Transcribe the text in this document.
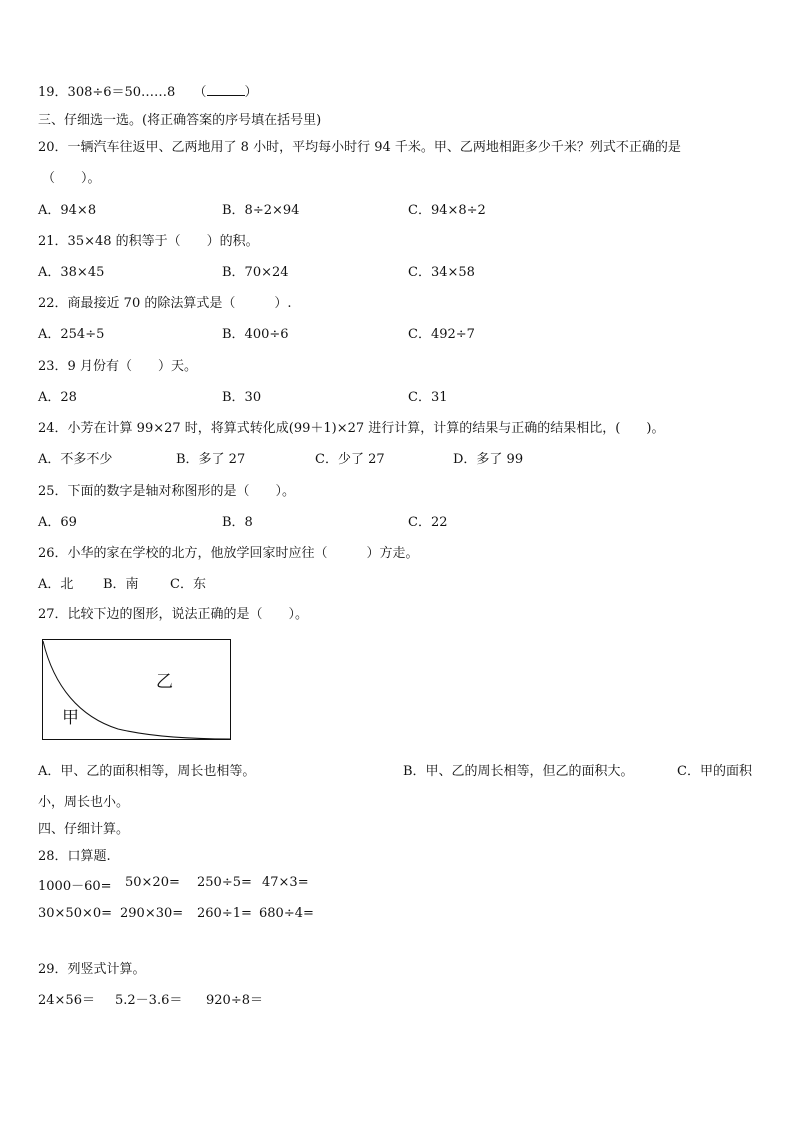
19．308÷6＝50……8 （	）
三、仔细选一选。(将正确答案的序号填在括号里)
20．一辆汽车往返甲、乙两地用了 8 小时，平均每小时行 94 千米。甲、乙两地相距多少千米？列式不正确的是
（　　）。
A．94×8	B．8÷2×94	C．94×8÷2
21．35×48 的积等于（　　）的积。
A．38×45	B．70×24	C．34×58
22．商最接近 70 的除法算式是（　　　）.
A．254÷5	B．400÷6	C．492÷7
23．9 月份有（　　）天。
A．28	B．30	C．31
24．小芳在计算 99×27 时，将算式转化成(99＋1)×27 进行计算，计算的结果与正确的结果相比，(　　)。
A．不多不少	B．多了 27	C．少了 27	D．多了 99
25．下面的数字是轴对称图形的是（　　）。
A．69	B．8	C．22
26．小华的家在学校的北方，他放学回家时应往（　　　）方走。
A．北 B．南 C．东
27．比较下边的图形，说法正确的是（　　）。
乙
甲
A．甲、乙的面积相等，周长也相等。	B．甲、乙的周长相等，但乙的面积大。	C．甲的面积
小，周长也小。
四、仔细计算。
28．口算题.
1000－60= 50×20= 250÷5= 47×3=
30×50×0= 290×30= 260÷1= 680÷4=
29．列竖式计算。
24×56＝ 5.2－3.6＝ 920÷8＝
